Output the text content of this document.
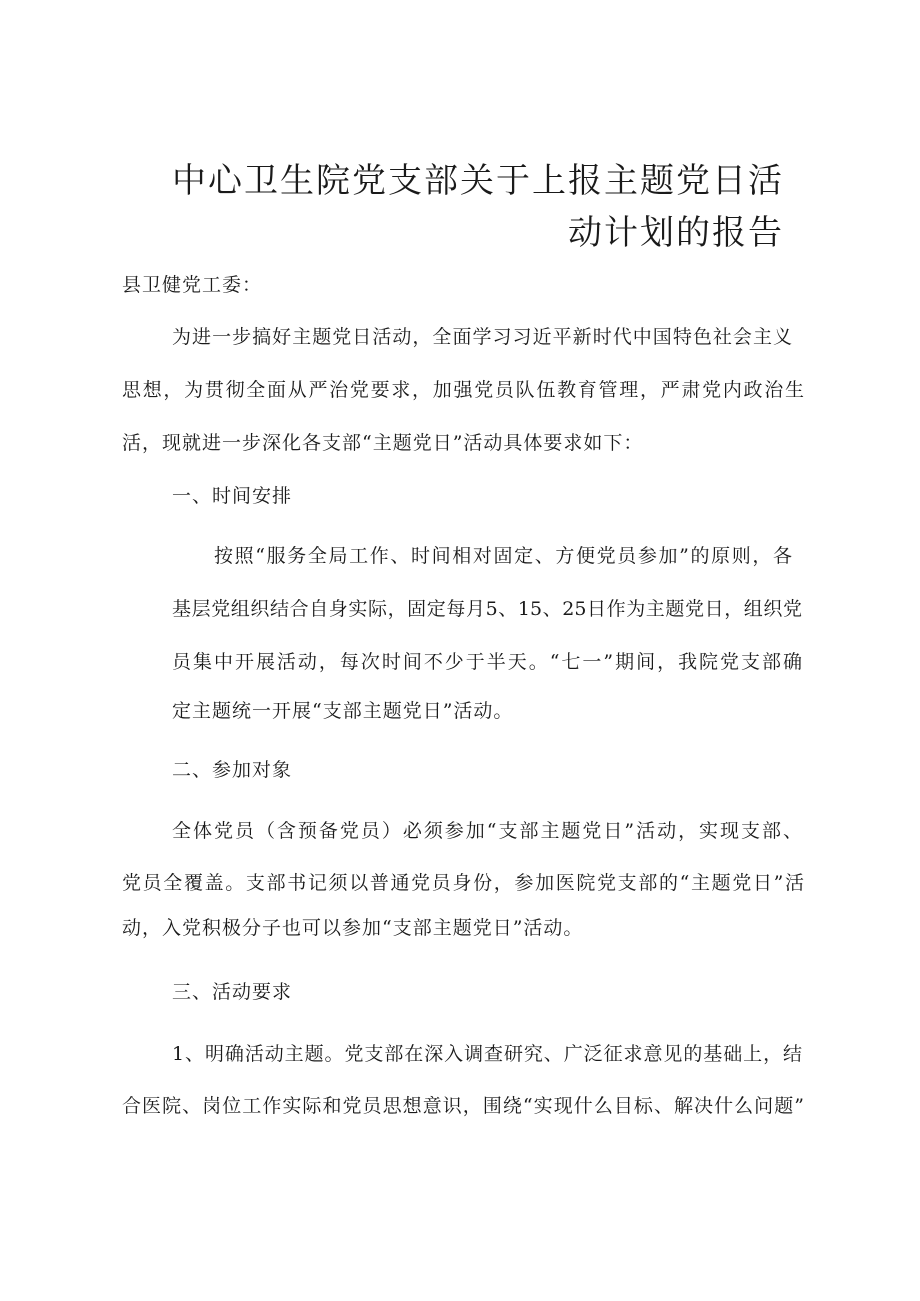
中心卫生院党支部关于上报主题党日活
动计划的报告

县卫健党工委：

为进一步搞好主题党日活动，全面学习习近平新时代中国特色社会主义

思想，为贯彻全面从严治党要求，加强党员队伍教育管理，严肃党内政治生

活，现就进一步深化各支部“主题党日”活动具体要求如下：

一、时间安排

按照“服务全局工作、时间相对固定、方便党员参加”的原则，各

基层党组织结合自身实际，固定每月5、15、25日作为主题党日，组织党

员集中开展活动，每次时间不少于半天。“七一”期间，我院党支部确

定主题统一开展“支部主题党日”活动。

二、参加对象

全体党员（含预备党员）必须参加“支部主题党日”活动，实现支部、

党员全覆盖。支部书记须以普通党员身份，参加医院党支部的“主题党日”活

动，入党积极分子也可以参加“支部主题党日”活动。

三、活动要求

1、明确活动主题。党支部在深入调查研究、广泛征求意见的基础上，结

合医院、岗位工作实际和党员思想意识，围绕“实现什么目标、解决什么问题”
